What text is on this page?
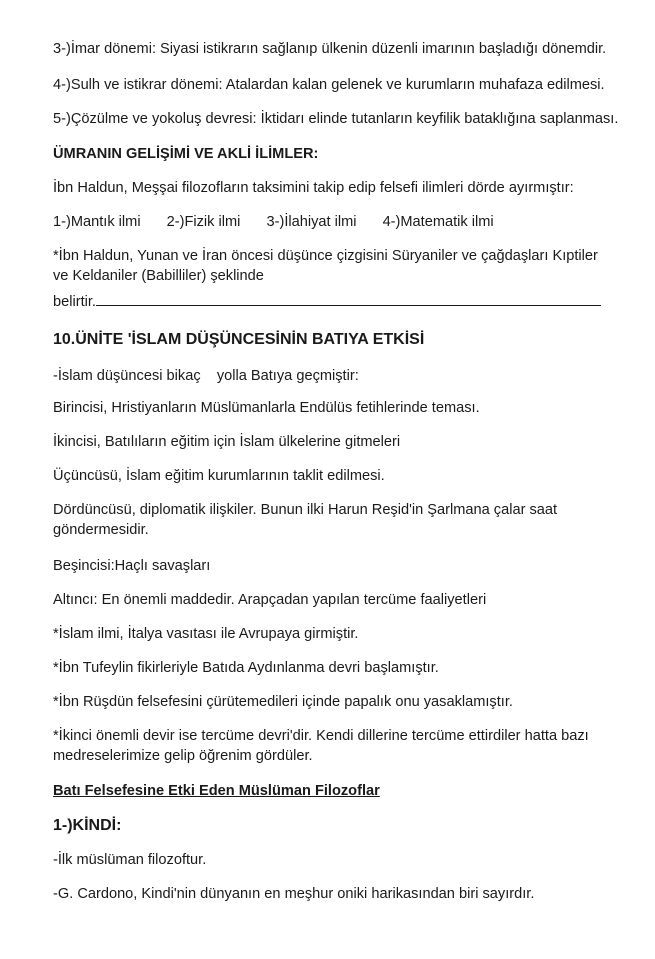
3-)İmar dönemi: Siyasi istikrarın sağlanıp ülkenin düzenli imarının başladığı dönemdir.

4-)Sulh ve istikrar dönemi: Atalardan kalan gelenek ve kurumların muhafaza edilmesi.

5-)Çözülme ve yokoluş devresi: İktidarı elinde tutanların keyfilik bataklığına saplanması.

ÜMRANIN GELİŞİMİ VE AKLİ İLİMLER:

İbn Haldun, Meşşai filozofların taksimini takip edip felsefi ilimleri dörde ayırmıştır:

1-)Mantık ilmi 2-)Fizik ilmi 3-)İlahiyat ilmi 4-)Matematik ilmi

*İbn Haldun, Yunan ve İran öncesi düşünce çizgisini Süryaniler ve çağdaşları Kıptiler ve Keldaniler (Babilliler) şeklinde

belirtir.

10.ÜNİTE 'İSLAM DÜŞÜNCESİNİN BATIYA ETKİSİ

-İslam düşüncesi bikaç    yolla Batıya geçmiştir:

Birincisi, Hristiyanların Müslümanlarla Endülüs fetihlerinde teması.

İkincisi, Batılıların eğitim için İslam ülkelerine gitmeleri

Üçüncüsü, İslam eğitim kurumlarının taklit edilmesi.

Dördüncüsü, diplomatik ilişkiler. Bunun ilki Harun Reşid'in Şarlmana çalar saat göndermesidir.

Beşincisi:Haçlı savaşları

Altıncı: En önemli maddedir. Arapçadan yapılan tercüme faaliyetleri

*İslam ilmi, İtalya vasıtası ile Avrupaya girmiştir.

*İbn Tufeylin fikirleriyle Batıda Aydınlanma devri başlamıştır.

*İbn Rüşdün felsefesini çürütemedileri içinde papalık onu yasaklamıştır.

*İkinci önemli devir ise tercüme devri'dir. Kendi dillerine tercüme ettirdiler hatta bazı medreselerimize gelip öğrenim gördüler.

Batı Felsefesine Etki Eden Müslüman Filozoflar

1-)KİNDİ:

-İlk müslüman filozoftur.

-G. Cardono, Kindi'nin dünyanın en meşhur oniki harikasından biri sayırdır.
